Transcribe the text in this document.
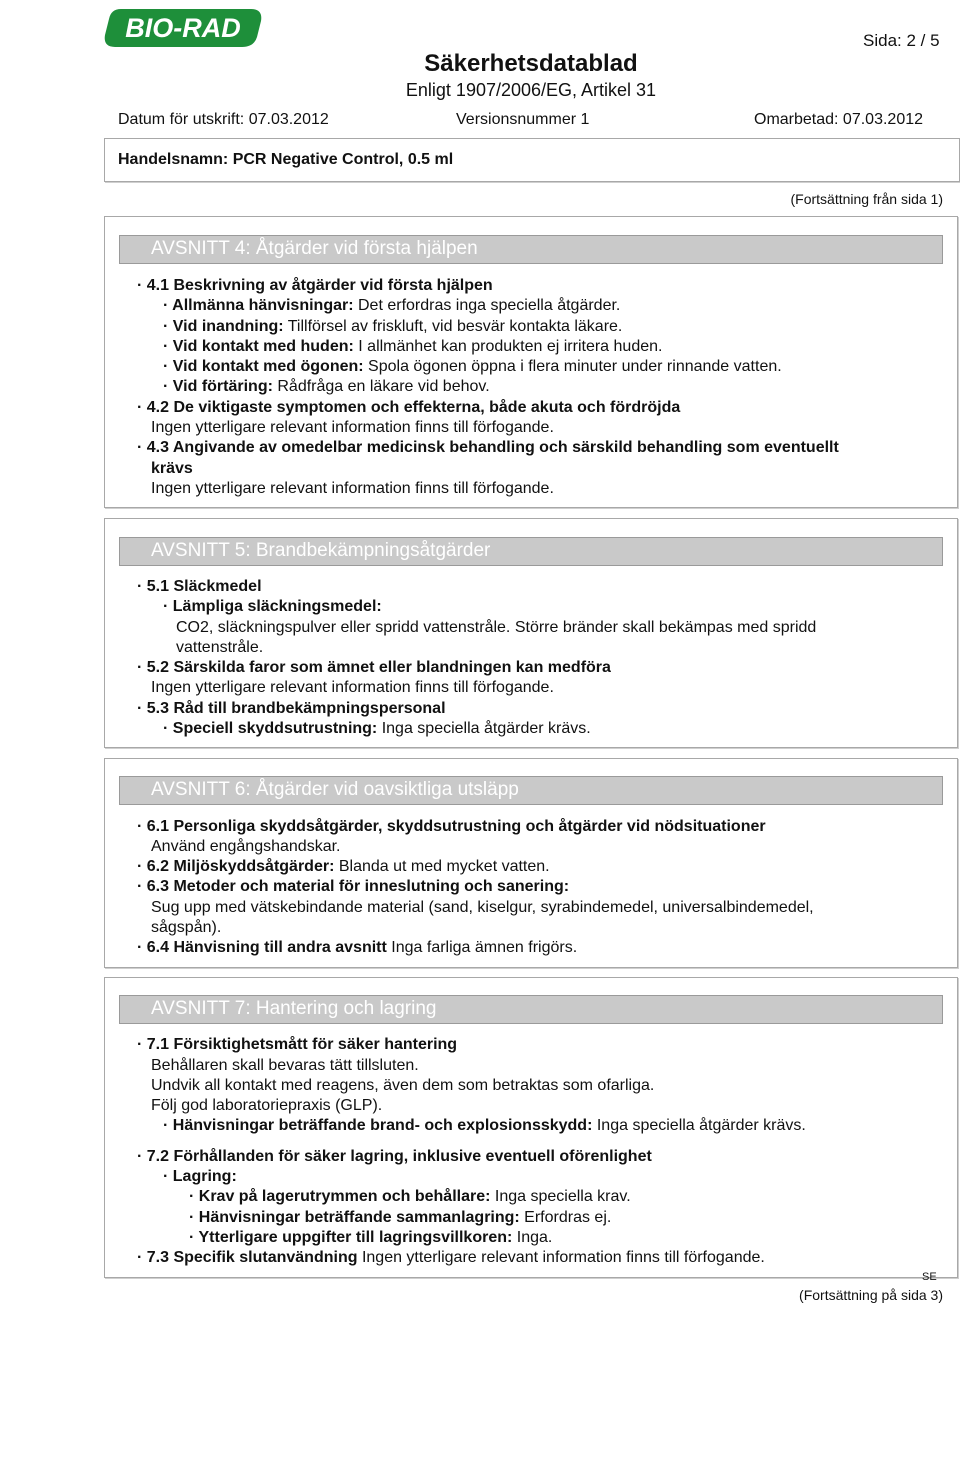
BIO-RAD	Sida: 2 / 5
Säkerhetsdatablad
Enligt 1907/2006/EG, Artikel 31
Datum för utskrift: 07.03.2012	Versionsnummer 1	Omarbetad: 07.03.2012
Handelsnamn: PCR Negative Control, 0.5 ml
(Fortsättning från sida 1)
AVSNITT 4: Åtgärder vid första hjälpen
· 4.1 Beskrivning av åtgärder vid första hjälpen
· Allmänna hänvisningar: Det erfordras inga speciella åtgärder.
· Vid inandning: Tillförsel av friskluft, vid besvär kontakta läkare.
· Vid kontakt med huden: I allmänhet kan produkten ej irritera huden.
· Vid kontakt med ögonen: Spola ögonen öppna i flera minuter under rinnande vatten.
· Vid förtäring: Rådfråga en läkare vid behov.
· 4.2 De viktigaste symptomen och effekterna, både akuta och fördröjda
Ingen ytterligare relevant information finns till förfogande.
· 4.3 Angivande av omedelbar medicinsk behandling och särskild behandling som eventuellt
krävs
Ingen ytterligare relevant information finns till förfogande.
AVSNITT 5: Brandbekämpningsåtgärder
· 5.1 Släckmedel
· Lämpliga släckningsmedel:
CO2, släckningspulver eller spridd vattenstråle. Större bränder skall bekämpas med spridd
vattenstråle.
· 5.2 Särskilda faror som ämnet eller blandningen kan medföra
Ingen ytterligare relevant information finns till förfogande.
· 5.3 Råd till brandbekämpningspersonal
· Speciell skyddsutrustning: Inga speciella åtgärder krävs.
AVSNITT 6: Åtgärder vid oavsiktliga utsläpp
· 6.1 Personliga skyddsåtgärder, skyddsutrustning och åtgärder vid nödsituationer
Använd engångshandskar.
· 6.2 Miljöskyddsåtgärder: Blanda ut med mycket vatten.
· 6.3 Metoder och material för inneslutning och sanering:
Sug upp med vätskebindande material (sand, kiselgur, syrabindemedel, universalbindemedel,
sågspån).
· 6.4 Hänvisning till andra avsnitt Inga farliga ämnen frigörs.
AVSNITT 7: Hantering och lagring
· 7.1 Försiktighetsmått för säker hantering
Behållaren skall bevaras tätt tillsluten.
Undvik all kontakt med reagens, även dem som betraktas som ofarliga.
Följ god laboratoriepraxis (GLP).
· Hänvisningar beträffande brand- och explosionsskydd: Inga speciella åtgärder krävs.
· 7.2 Förhållanden för säker lagring, inklusive eventuell oförenlighet
· Lagring:
· Krav på lagerutrymmen och behållare: Inga speciella krav.
· Hänvisningar beträffande sammanlagring: Erfordras ej.
· Ytterligare uppgifter till lagringsvillkoren: Inga.
· 7.3 Specifik slutanvändning Ingen ytterligare relevant information finns till förfogande.
SE
(Fortsättning på sida 3)
